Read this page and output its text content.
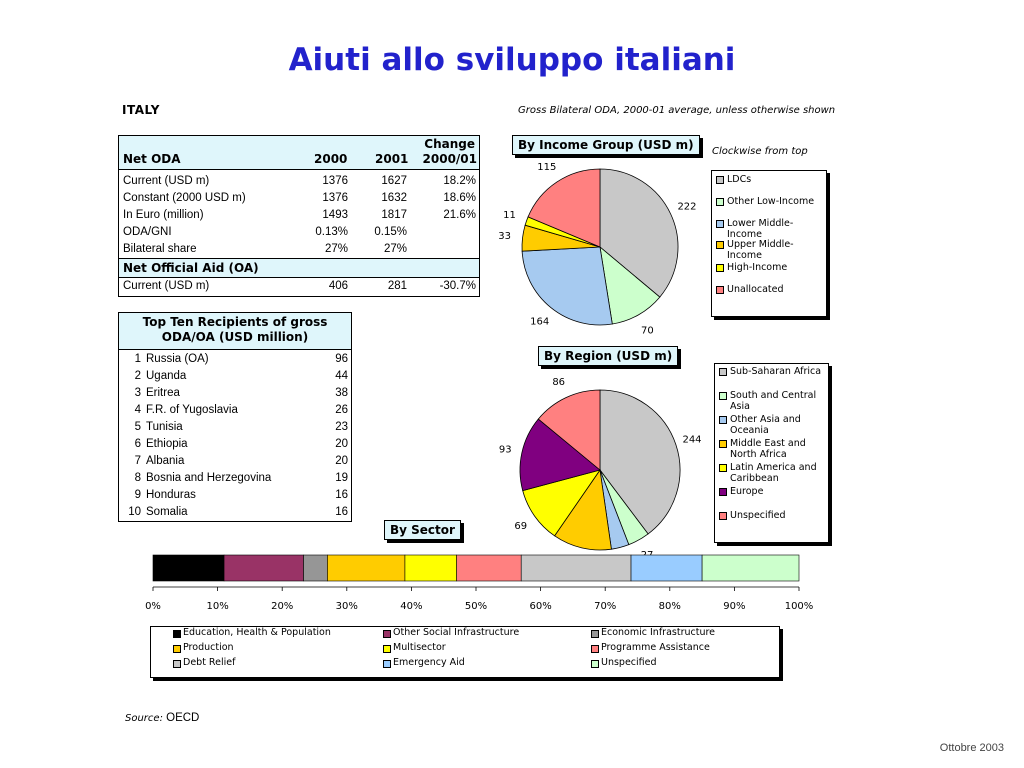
Aiuti allo sviluppo italiani
ITALY	Gross Bilateral ODA, 2000-01 average, unless otherwise shown
Net ODA	2000 2001
Change
2000/01
Current (USD m)	1376	1627	18.2%
Constant (2000 USD m)	1376	1632	18.6%
In Euro (million)	1493	1817	21.6%
ODA/GNI	0.13% 0.15%
Bilateral share	27%	27%
Net Official Aid (OA)
Current (USD m)	406	281	-30.7%
Top Ten Recipients of gross
ODA/OA (USD million)
1 Russia (OA)	96
2 Uganda	44
3 Eritrea	38
4 F.R. of Yugoslavia	26
5 Tunisia	23
6 Ethiopia	20
7 Albania	20
8 Bosnia and Herzegovina	19
9 Honduras	16
10 Somalia	16
By Income Group (USD m)	Clockwise from top
222
70
164
33
11
115
LDCs
Other Low-Income
Lower Middle-Income
Upper Middle-Income
High-Income
Unallocated
By Region (USD m)
244
69
93
86
Sub-Saharan Africa
South and Central Asia
Other Asia and Oceania
Middle East and North Africa
Latin America and Caribbean
Europe
Unspecified
By Sector
0%	10%	20%	30%	40%	50%	60%	70%	80%	90%	100%
Education, Health & Population	Other Social Infrastructure	Economic Infrastructure
Production	Multisector	Programme Assistance
Debt Relief	Emergency Aid	Unspecified
Source: OECD
Ottobre 2003
